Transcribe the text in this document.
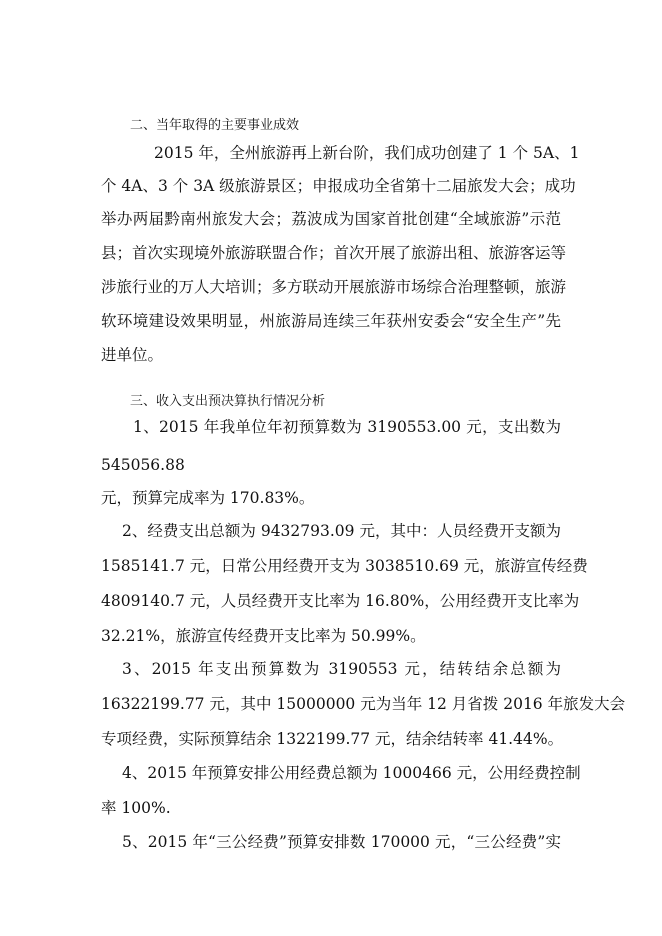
二、当年取得的主要事业成效
2015 年，全州旅游再上新台阶，我们成功创建了 1 个 5A、1
个 4A、3 个 3A 级旅游景区；申报成功全省第十二届旅发大会；成功
举办两届黔南州旅发大会；荔波成为国家首批创建“全域旅游”示范
县；首次实现境外旅游联盟合作；首次开展了旅游出租、旅游客运等
涉旅行业的万人大培训；多方联动开展旅游市场综合治理整顿，旅游
软环境建设效果明显，州旅游局连续三年获州安委会“安全生产”先
进单位。
三、收入支出预决算执行情况分析
1、2015 年我单位年初预算数为 3190553.00 元，支出数为
545056.88
元，预算完成率为 170.83%。
2、经费支出总额为 9432793.09 元，其中：人员经费开支额为
1585141.7 元，日常公用经费开支为 3038510.69 元，旅游宣传经费
4809140.7 元，人员经费开支比率为 16.80%，公用经费开支比率为
32.21%，旅游宣传经费开支比率为 50.99%。
3、2015 年支出预算数为 3190553 元，结转结余总额为
16322199.77 元，其中 15000000 元为当年 12 月省拨 2016 年旅发大会
专项经费，实际预算结余 1322199.77 元，结余结转率 41.44%。
4、2015 年预算安排公用经费总额为 1000466 元，公用经费控制
率 100%.
5、2015 年“三公经费”预算安排数 170000 元，“三公经费”实
